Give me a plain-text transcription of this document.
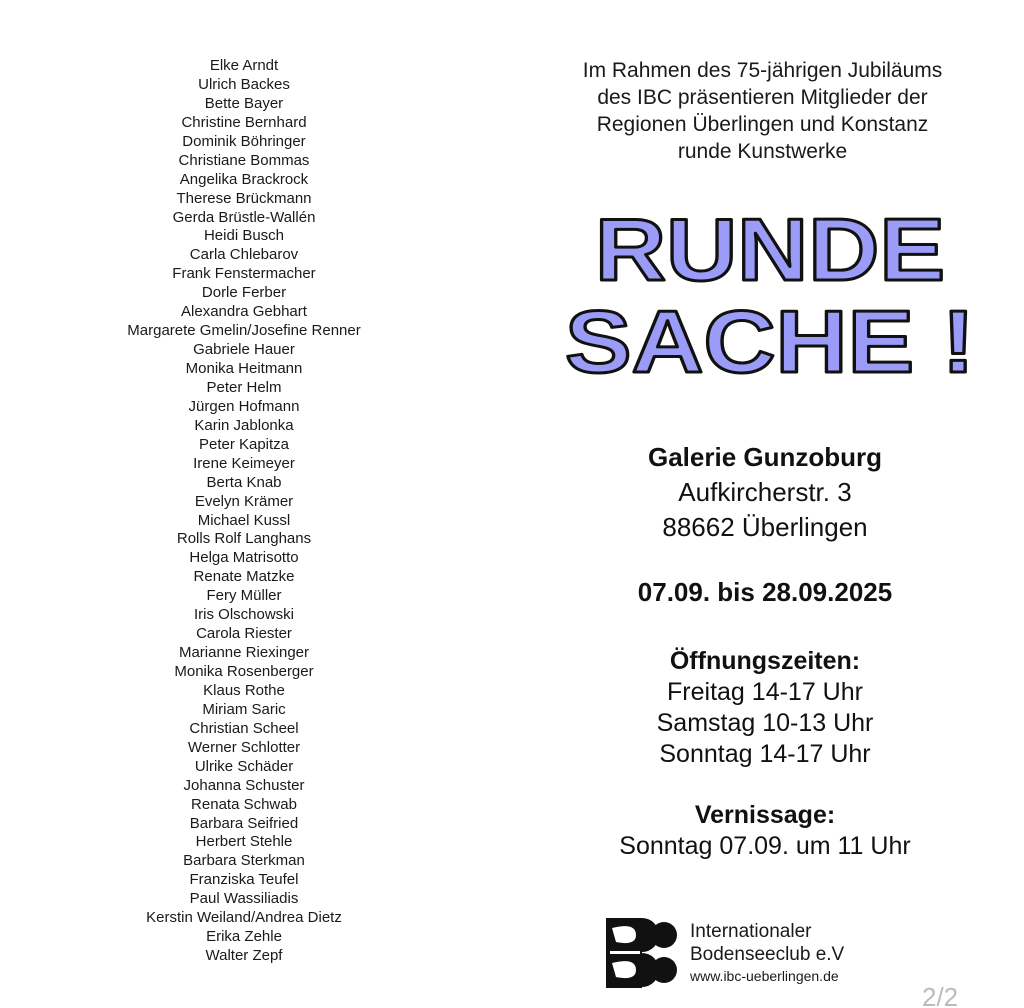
Elke Arndt
Ulrich Backes
Bette Bayer
Christine Bernhard
Dominik Böhringer
Christiane Bommas
Angelika Brackrock
Therese Brückmann
Gerda Brüstle-Wallén
Heidi Busch
Carla Chlebarov
Frank Fenstermacher
Dorle Ferber
Alexandra Gebhart
Margarete Gmelin/Josefine Renner
Gabriele Hauer
Monika Heitmann
Peter Helm
Jürgen Hofmann
Karin Jablonka
Peter Kapitza
Irene Keimeyer
Berta Knab
Evelyn Krämer
Michael Kussl
Rolls Rolf Langhans
Helga Matrisotto
Renate Matzke
Fery Müller
Iris Olschowski
Carola Riester
Marianne Riexinger
Monika Rosenberger
Klaus Rothe
Miriam Saric
Christian Scheel
Werner Schlotter
Ulrike Schäder
Johanna Schuster
Renata Schwab
Barbara Seifried
Herbert Stehle
Barbara Sterkman
Franziska Teufel
Paul Wassiliadis
Kerstin Weiland/Andrea Dietz
Erika Zehle
Walter Zepf
Im Rahmen des 75-jährigen Jubiläums
des IBC präsentieren Mitglieder der
Regionen Überlingen und Konstanz
runde Kunstwerke
RUNDE
SACHE !
Galerie Gunzoburg
Aufkircherstr. 3
88662 Überlingen
07.09. bis 28.09.2025
Öffnungszeiten:
Freitag 14-17 Uhr
Samstag 10-13 Uhr
Sonntag 14-17 Uhr
Vernissage:
Sonntag 07.09. um 11 Uhr
Internationaler
Bodenseeclub e.V
www.ibc-ueberlingen.de
2/2
